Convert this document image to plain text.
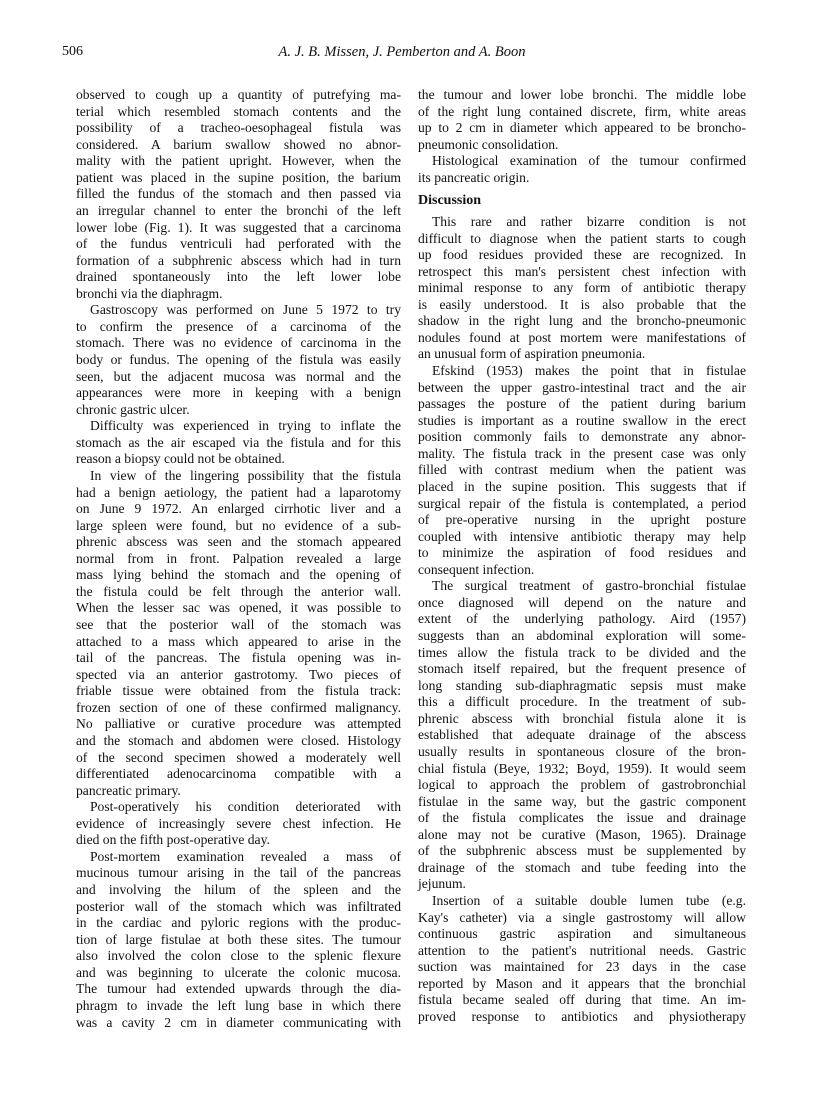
506	A. J. B. Missen, J. Pemberton and A. Boon
observed to cough up a quantity of putrefying ma-
terial which resembled stomach contents and the
possibility of a tracheo-oesophageal fistula was
considered. A barium swallow showed no abnor-
mality with the patient upright. However, when the
patient was placed in the supine position, the barium
filled the fundus of the stomach and then passed via
an irregular channel to enter the bronchi of the left
lower lobe (Fig. 1). It was suggested that a carcinoma
of the fundus ventriculi had perforated with the
formation of a subphrenic abscess which had in turn
drained spontaneously into the left lower lobe
bronchi via the diaphragm.
Gastroscopy was performed on June 5 1972 to try
to confirm the presence of a carcinoma of the
stomach. There was no evidence of carcinoma in the
body or fundus. The opening of the fistula was easily
seen, but the adjacent mucosa was normal and the
appearances were more in keeping with a benign
chronic gastric ulcer.
Difficulty was experienced in trying to inflate the
stomach as the air escaped via the fistula and for this
reason a biopsy could not be obtained.
In view of the lingering possibility that the fistula
had a benign aetiology, the patient had a laparotomy
on June 9 1972. An enlarged cirrhotic liver and a
large spleen were found, but no evidence of a sub-
phrenic abscess was seen and the stomach appeared
normal from in front. Palpation revealed a large
mass lying behind the stomach and the opening of
the fistula could be felt through the anterior wall.
When the lesser sac was opened, it was possible to
see that the posterior wall of the stomach was
attached to a mass which appeared to arise in the
tail of the pancreas. The fistula opening was in-
spected via an anterior gastrotomy. Two pieces of
friable tissue were obtained from the fistula track:
frozen section of one of these confirmed malignancy.
No palliative or curative procedure was attempted
and the stomach and abdomen were closed. Histology
of the second specimen showed a moderately well
differentiated adenocarcinoma compatible with a
pancreatic primary.
Post-operatively his condition deteriorated with
evidence of increasingly severe chest infection. He
died on the fifth post-operative day.
Post-mortem examination revealed a mass of
mucinous tumour arising in the tail of the pancreas
and involving the hilum of the spleen and the
posterior wall of the stomach which was infiltrated
in the cardiac and pyloric regions with the produc-
tion of large fistulae at both these sites. The tumour
also involved the colon close to the splenic flexure
and was beginning to ulcerate the colonic mucosa.
The tumour had extended upwards through the dia-
phragm to invade the left lung base in which there
was a cavity 2 cm in diameter communicating with
the tumour and lower lobe bronchi. The middle lobe
of the right lung contained discrete, firm, white areas
up to 2 cm in diameter which appeared to be broncho-
pneumonic consolidation.
Histological examination of the tumour confirmed
its pancreatic origin.
Discussion
This rare and rather bizarre condition is not
difficult to diagnose when the patient starts to cough
up food residues provided these are recognized. In
retrospect this man's persistent chest infection with
minimal response to any form of antibiotic therapy
is easily understood. It is also probable that the
shadow in the right lung and the broncho-pneumonic
nodules found at post mortem were manifestations of
an unusual form of aspiration pneumonia.
Efskind (1953) makes the point that in fistulae
between the upper gastro-intestinal tract and the air
passages the posture of the patient during barium
studies is important as a routine swallow in the erect
position commonly fails to demonstrate any abnor-
mality. The fistula track in the present case was only
filled with contrast medium when the patient was
placed in the supine position. This suggests that if
surgical repair of the fistula is contemplated, a period
of pre-operative nursing in the upright posture
coupled with intensive antibiotic therapy may help
to minimize the aspiration of food residues and
consequent infection.
The surgical treatment of gastro-bronchial fistulae
once diagnosed will depend on the nature and
extent of the underlying pathology. Aird (1957)
suggests than an abdominal exploration will some-
times allow the fistula track to be divided and the
stomach itself repaired, but the frequent presence of
long standing sub-diaphragmatic sepsis must make
this a difficult procedure. In the treatment of sub-
phrenic abscess with bronchial fistula alone it is
established that adequate drainage of the abscess
usually results in spontaneous closure of the bron-
chial fistula (Beye, 1932; Boyd, 1959). It would seem
logical to approach the problem of gastrobronchial
fistulae in the same way, but the gastric component
of the fistula complicates the issue and drainage
alone may not be curative (Mason, 1965). Drainage
of the subphrenic abscess must be supplemented by
drainage of the stomach and tube feeding into the
jejunum.
Insertion of a suitable double lumen tube (e.g.
Kay's catheter) via a single gastrostomy will allow
continuous gastric aspiration and simultaneous
attention to the patient's nutritional needs. Gastric
suction was maintained for 23 days in the case
reported by Mason and it appears that the bronchial
fistula became sealed off during that time. An im-
proved response to antibiotics and physiotherapy
